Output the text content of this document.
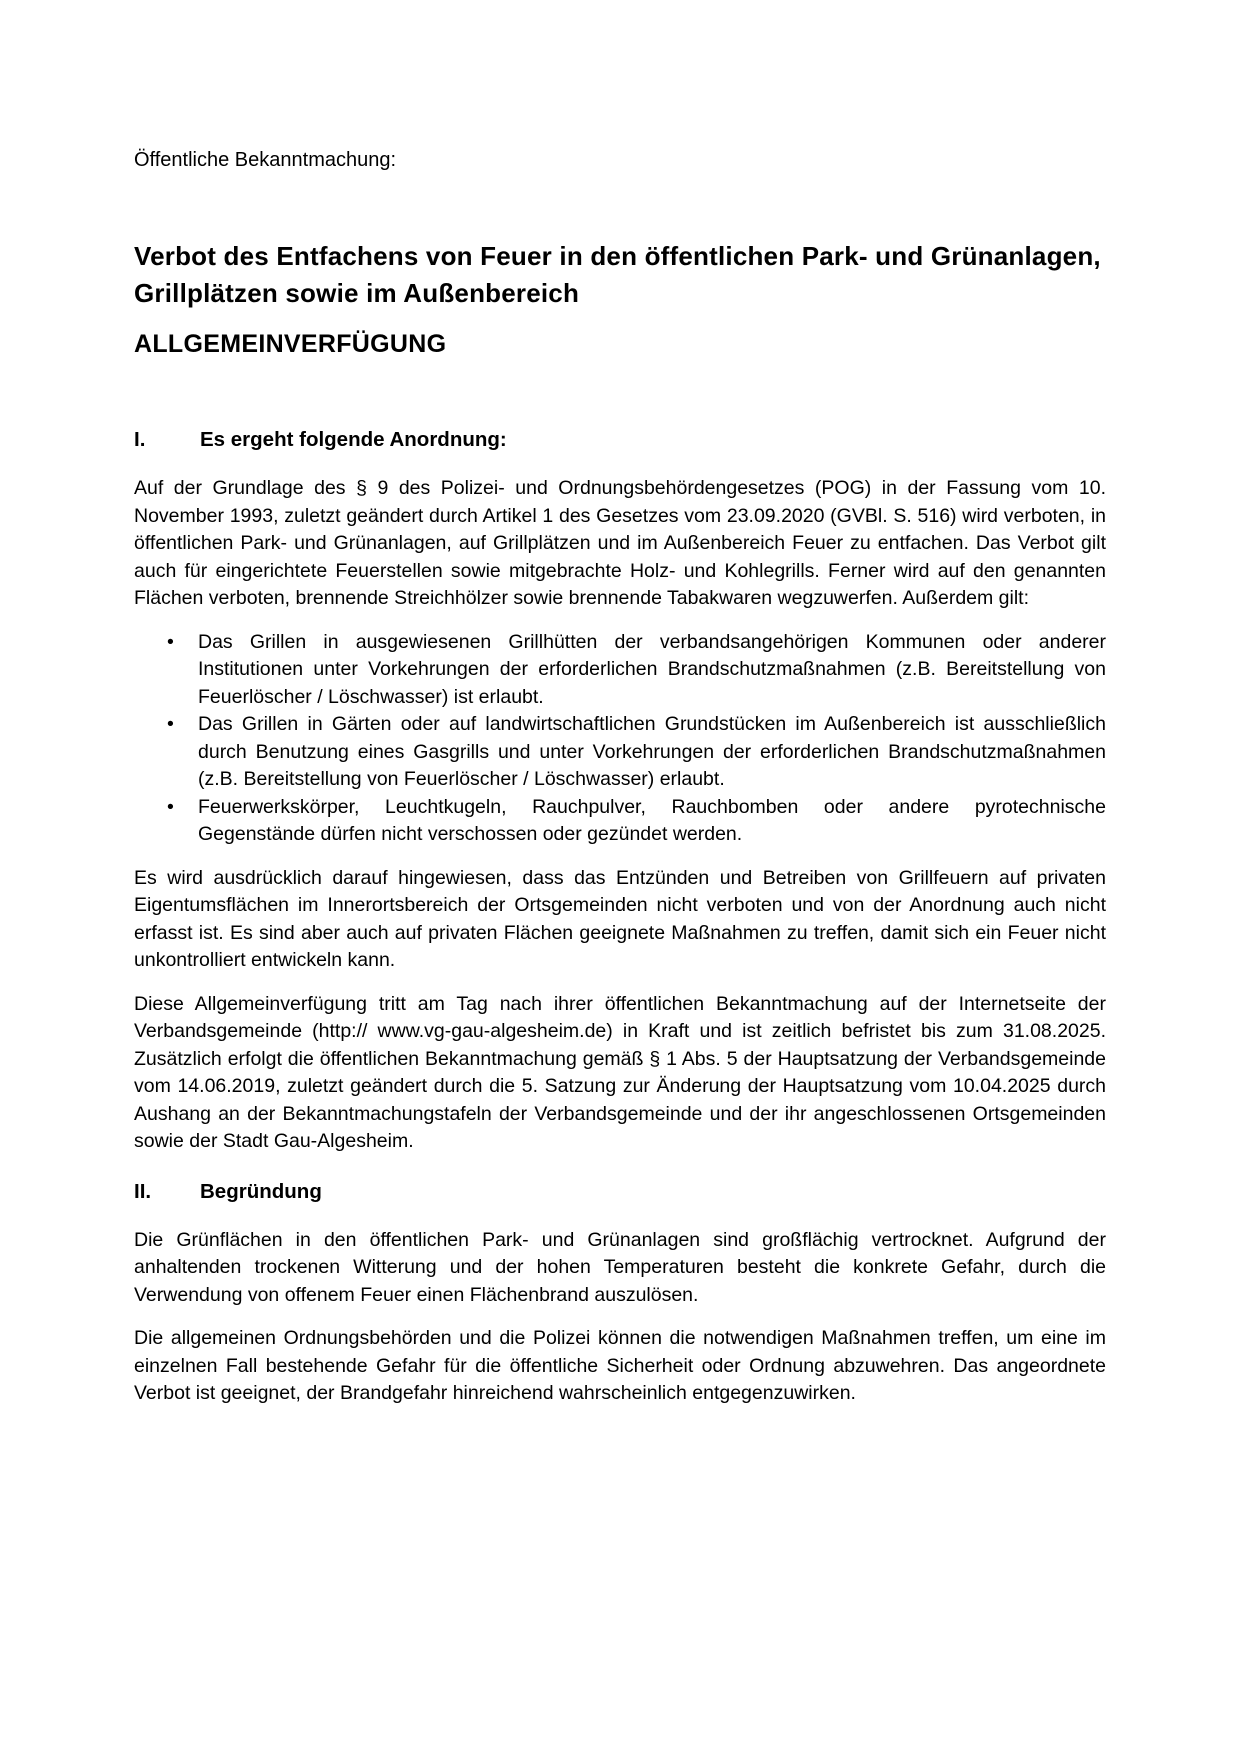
Öffentliche Bekanntmachung:

Verbot des Entfachens von Feuer in den öffentlichen Park- und Grünanlagen, Grillplätzen sowie im Außenbereich
ALLGEMEINVERFÜGUNG
I.	Es ergeht folgende Anordnung:

Auf der Grundlage des § 9 des Polizei- und Ordnungsbehördengesetzes (POG) in der Fassung vom 10. November 1993, zuletzt geändert durch Artikel 1 des Gesetzes vom 23.09.2020 (GVBl. S. 516) wird verboten, in öffentlichen Park- und Grünanlagen, auf Grillplätzen und im Außenbereich Feuer zu entfachen. Das Verbot gilt auch für eingerichtete Feuerstellen sowie mitgebrachte Holz- und Kohlegrills. Ferner wird auf den genannten Flächen verboten, brennende Streichhölzer sowie brennende Tabakwaren wegzuwerfen. Außerdem gilt:

• Das Grillen in ausgewiesenen Grillhütten der verbandsangehörigen Kommunen oder anderer Institutionen unter Vorkehrungen der erforderlichen Brandschutzmaßnahmen (z.B. Bereitstellung von Feuerlöscher / Löschwasser) ist erlaubt.
• Das Grillen in Gärten oder auf landwirtschaftlichen Grundstücken im Außenbereich ist ausschließlich durch Benutzung eines Gasgrills und unter Vorkehrungen der erforderlichen Brandschutzmaßnahmen (z.B. Bereitstellung von Feuerlöscher / Löschwasser) erlaubt.
• Feuerwerkskörper, Leuchtkugeln, Rauchpulver, Rauchbomben oder andere pyrotechnische Gegenstände dürfen nicht verschossen oder gezündet werden.

Es wird ausdrücklich darauf hingewiesen, dass das Entzünden und Betreiben von Grillfeuern auf privaten Eigentumsflächen im Innerortsbereich der Ortsgemeinden nicht verboten und von der Anordnung auch nicht erfasst ist. Es sind aber auch auf privaten Flächen geeignete Maßnahmen zu treffen, damit sich ein Feuer nicht unkontrolliert entwickeln kann.

Diese Allgemeinverfügung tritt am Tag nach ihrer öffentlichen Bekanntmachung auf der Internetseite der Verbandsgemeinde (http:// www.vg-gau-algesheim.de) in Kraft und ist zeitlich befristet bis zum 31.08.2025. Zusätzlich erfolgt die öffentlichen Bekanntmachung gemäß § 1 Abs. 5 der Hauptsatzung der Verbandsgemeinde vom 14.06.2019, zuletzt geändert durch die 5. Satzung zur Änderung der Hauptsatzung vom 10.04.2025 durch Aushang an der Bekanntmachungstafeln der Verbandsgemeinde und der ihr angeschlossenen Ortsgemeinden sowie der Stadt Gau-Algesheim.

II.	Begründung

Die Grünflächen in den öffentlichen Park- und Grünanlagen sind großflächig vertrocknet. Aufgrund der anhaltenden trockenen Witterung und der hohen Temperaturen besteht die konkrete Gefahr, durch die Verwendung von offenem Feuer einen Flächenbrand auszulösen.

Die allgemeinen Ordnungsbehörden und die Polizei können die notwendigen Maßnahmen treffen, um eine im einzelnen Fall bestehende Gefahr für die öffentliche Sicherheit oder Ordnung abzuwehren. Das angeordnete Verbot ist geeignet, der Brandgefahr hinreichend wahrscheinlich entgegenzuwirken.
